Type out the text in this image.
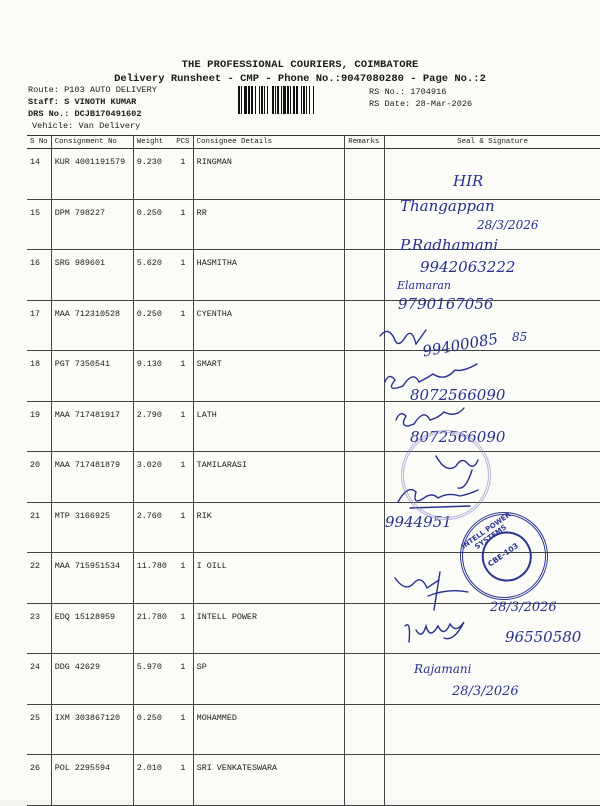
THE PROFESSIONAL COURIERS, COIMBATORE
Delivery Runsheet - CMP - Phone No.:9047080280 - Page No.:2
Route: P103 AUTO DELIVERY
Staff: S VINOTH KUMAR
DRS No.: DCJB170491602
Vehicle: Van Delivery
RS No.: 1704916
RS Date: 28-Mar-2026
S No	Consignment No	Weight	PCS	Consignee Details	Remarks	Seal & Signature
14	KUR 4001191579	9.230	1	RINGMAN		
15	DPM 798227	0.250	1	RR		
16	SRG 989601	5.620	1	HASMITHA		
17	MAA 712310528	0.250	1	CYENTHA		
18	PGT 7350541	9.130	1	SMART		
19	MAA 717481917	2.790	1	LATH		
20	MAA 717481879	3.020	1	TAMILARASI		
21	MTP 3166925	2.760	1	RIK		
22	MAA 715951534	11.780	1	I OILL		
23	EDQ 15128959	21.780	1	INTELL POWER		
24	DDG 42629	5.970	1	SP		
25	IXM 303867120	0.250	1	MOHAMMED		
26	POL 2295594	2.010	1	SRI VENKATESWARA		
HIR
Thangappan
28/3/2026
P.Radhamani
9942063222
Elamaran
9790167056
99400085 85
8072566090
8072566090
9944951
28/3/2026
96550580
Rajamani
28/3/2026
INTELL POWER SYSTEMS
CBE-103
